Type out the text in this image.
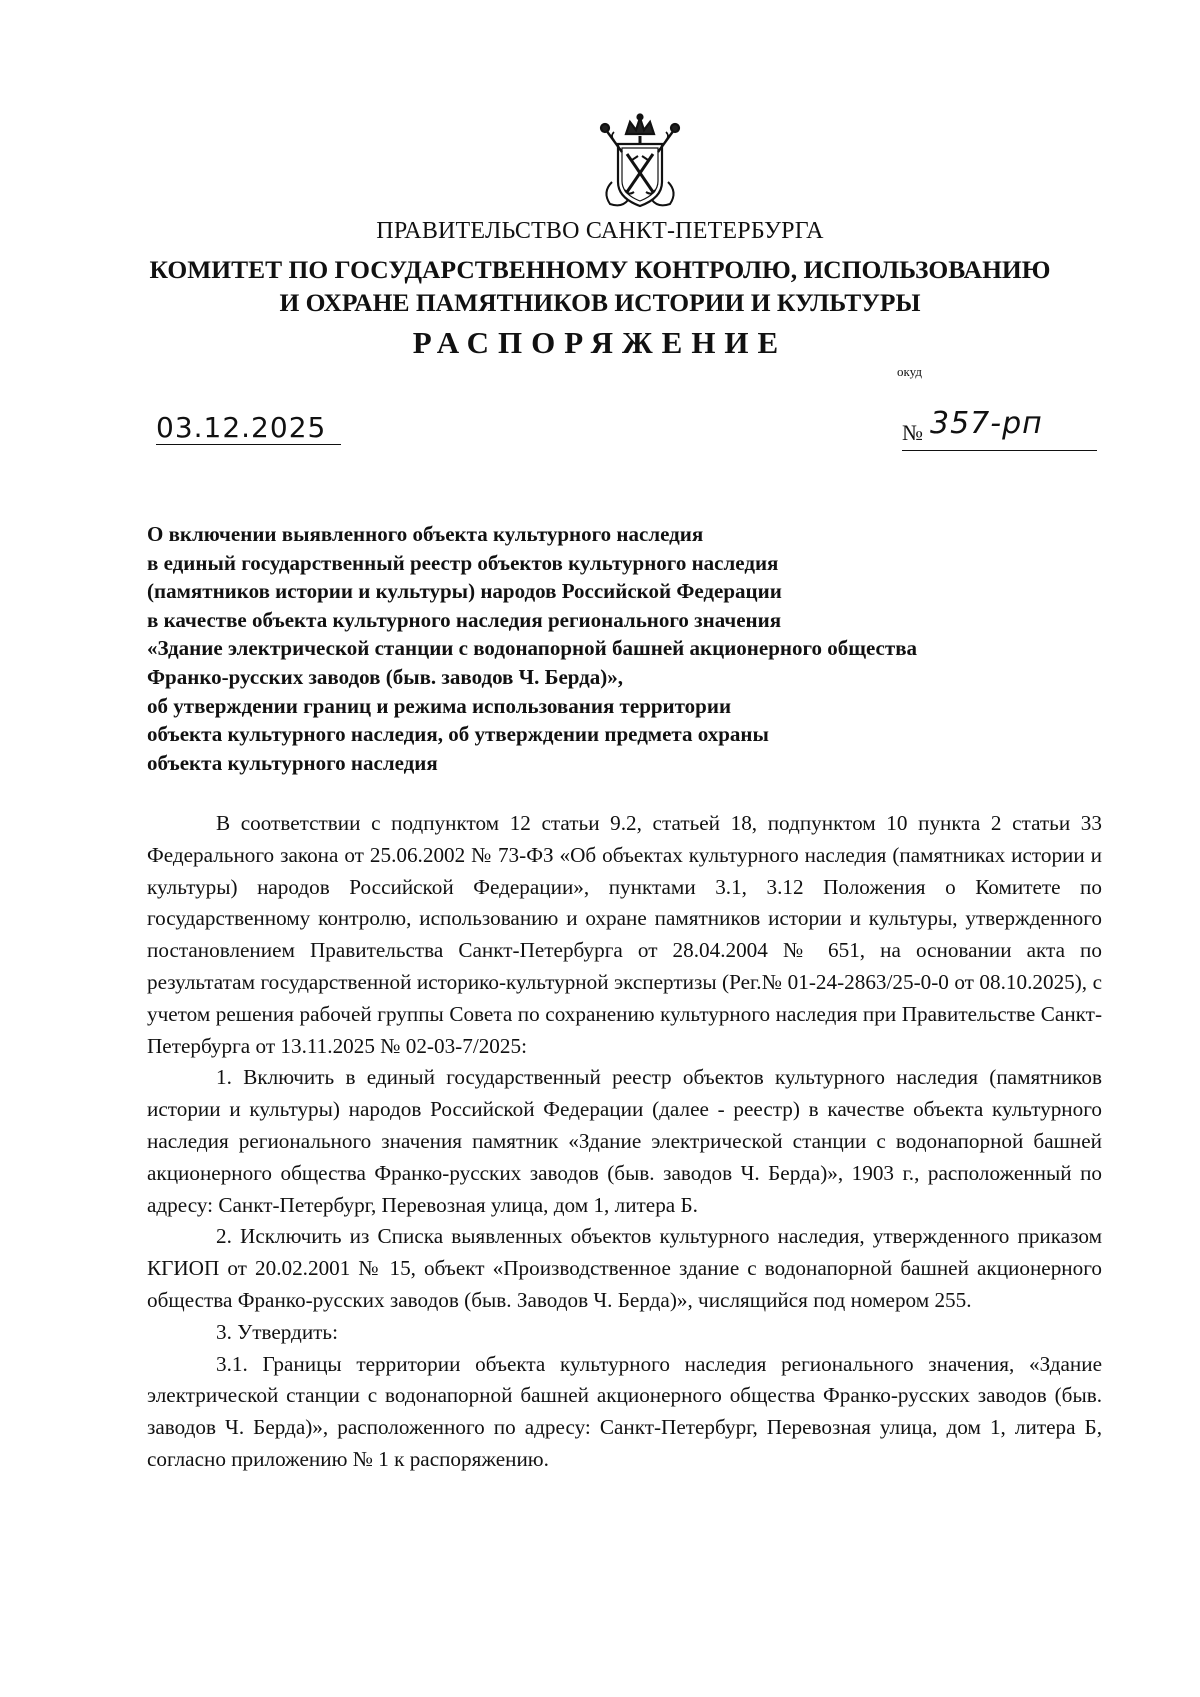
ПРАВИТЕЛЬСТВО САНКТ-ПЕТЕРБУРГА
КОМИТЕТ ПО ГОСУДАРСТВЕННОМУ КОНТРОЛЮ, ИСПОЛЬЗОВАНИЮ
И ОХРАНЕ ПАМЯТНИКОВ ИСТОРИИ И КУЛЬТУРЫ
РАСПОРЯЖЕНИЕ
окуд
03.12.2025	№ 357-рп
О включении выявленного объекта культурного наследия
в единый государственный реестр объектов культурного наследия
(памятников истории и культуры) народов Российской Федерации
в качестве объекта культурного наследия регионального значения
«Здание электрической станции с водонапорной башней акционерного общества
Франко-русских заводов (быв. заводов Ч. Берда)»,
об утверждении границ и режима использования территории
объекта культурного наследия, об утверждении предмета охраны
объекта культурного наследия

В соответствии с подпунктом 12 статьи 9.2, статьей 18, подпунктом 10 пункта 2 статьи 33 Федерального закона от 25.06.2002 № 73-ФЗ «Об объектах культурного наследия (памятниках истории и культуры) народов Российской Федерации», пунктами 3.1, 3.12 Положения о Комитете по государственному контролю, использованию и охране памятников истории и культуры, утвержденного постановлением Правительства Санкт-Петербурга от 28.04.2004 № 651, на основании акта по результатам государственной историко-культурной экспертизы (Рег.№ 01-24-2863/25-0-0 от 08.10.2025), с учетом решения рабочей группы Совета по сохранению культурного наследия при Правительстве Санкт-Петербурга от 13.11.2025 № 02-03-7/2025:

1. Включить в единый государственный реестр объектов культурного наследия (памятников истории и культуры) народов Российской Федерации (далее - реестр) в качестве объекта культурного наследия регионального значения памятник «Здание электрической станции с водонапорной башней акционерного общества Франко-русских заводов (быв. заводов Ч. Берда)», 1903 г., расположенный по адресу: Санкт-Петербург, Перевозная улица, дом 1, литера Б.

2. Исключить из Списка выявленных объектов культурного наследия, утвержденного приказом КГИОП от 20.02.2001 № 15, объект «Производственное здание с водонапорной башней акционерного общества Франко-русских заводов (быв. Заводов Ч. Берда)», числящийся под номером 255.

3. Утвердить:

3.1. Границы территории объекта культурного наследия регионального значения, «Здание электрической станции с водонапорной башней акционерного общества Франко-русских заводов (быв. заводов Ч. Берда)», расположенного по адресу: Санкт-Петербург, Перевозная улица, дом 1, литера Б, согласно приложению № 1 к распоряжению.
